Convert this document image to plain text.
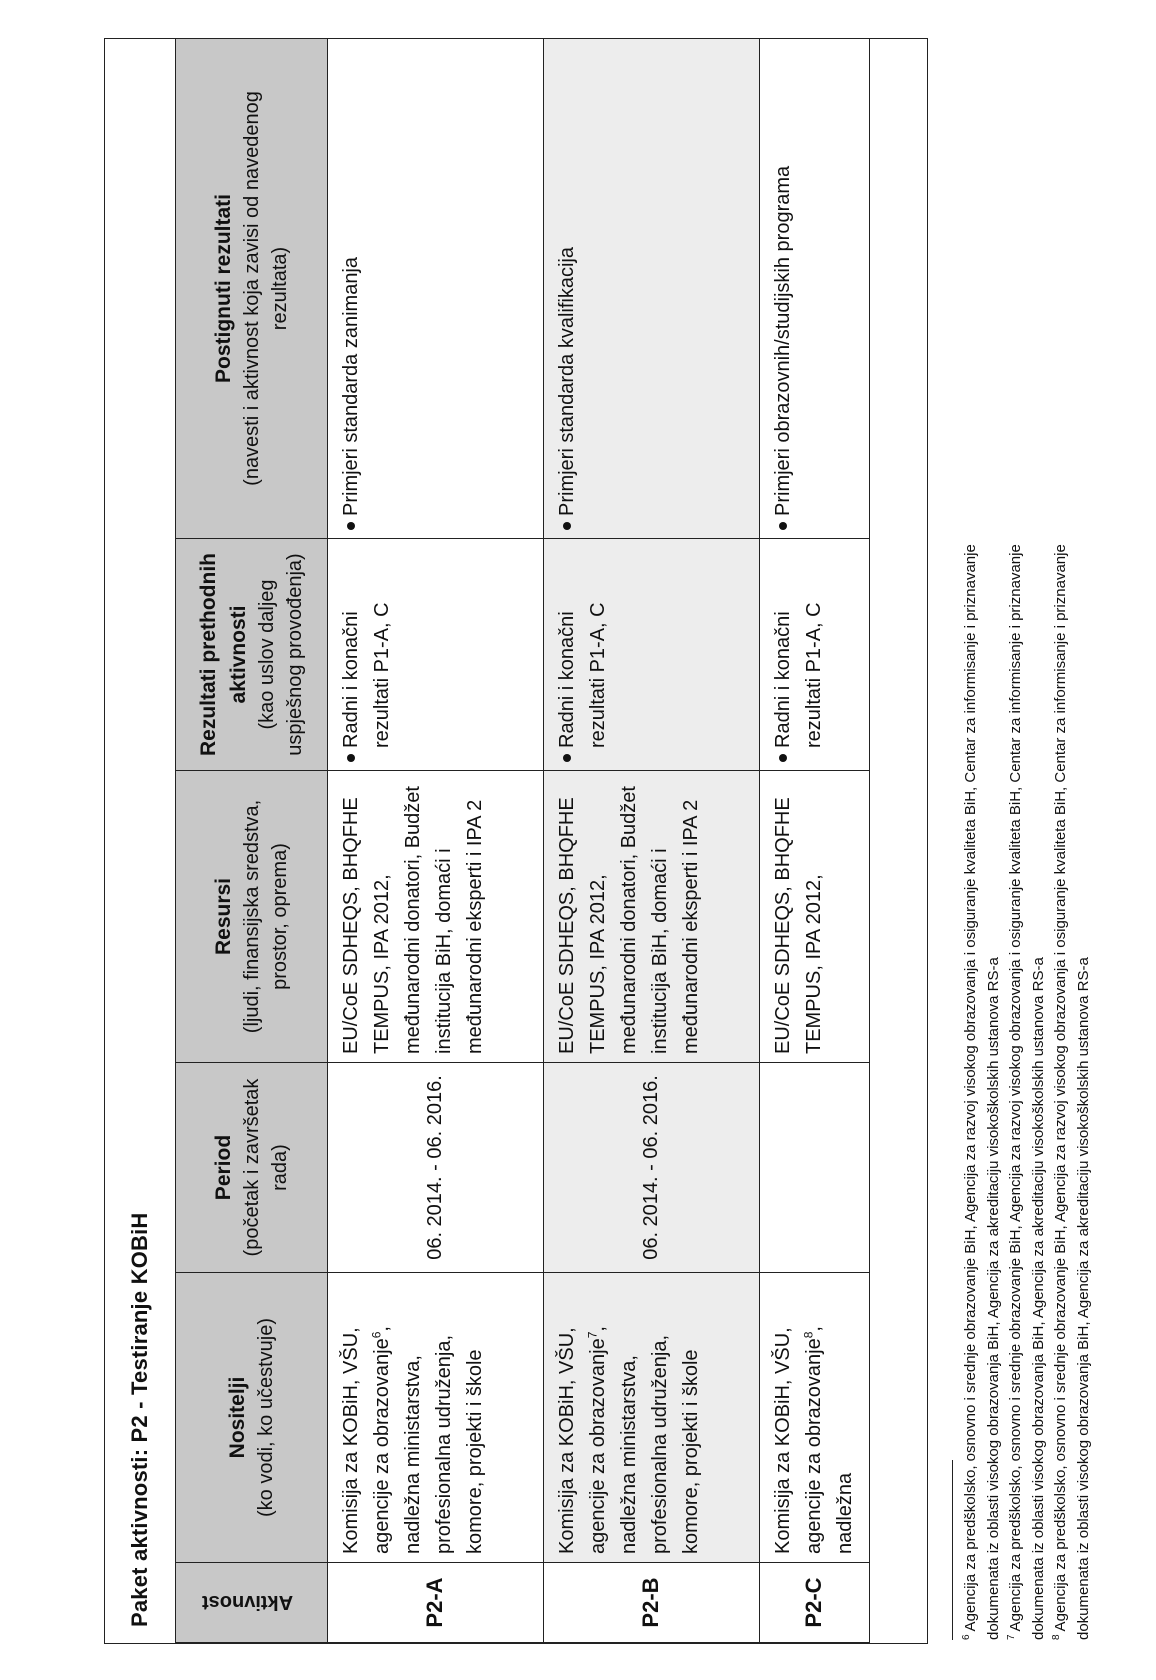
Paket aktivnosti: P2 - Testiranje KOBiH Aktivnost	Nositelji (ko vodi, ko učestvuje)	Period (početak i završetak rada)	Resursi (ljudi, finansijska sredstva, prostor, oprema)	Rezultati prethodnih aktivnosti (kao uslov daljeg uspješnog provođenja)	Postignuti rezultati (navesti i aktivnost koja zavisi od navedenog rezultata)

P2-A	Komisija za KOBiH, VŠU, agencije za obrazovanje$^6$, nadležna ministarstva, profesionalna udruženja, komore, projekti i škole	06. 2014. - 06. 2016.	EU/CoE SDHEQS, BHQFHE TEMPUS, IPA 2012, međunarodni donatori, Budžet institucija BiH, domaći i međunarodni eksperti i IPA 2	Radni i konačni rezultati P1-A, C	Primjeri standarda zanimanja

P2-B	Komisija za KOBiH, VŠU, agencije za obrazovanje$^7$, nadležna ministarstva, profesionalna udruženja, komore, projekti i škole	06. 2014. - 06. 2016.	EU/CoE SDHEQS, BHQFHE TEMPUS, IPA 2012, međunarodni donatori, Budžet institucija BiH, domaći i međunarodni eksperti i IPA 2	Radni i konačni rezultati P1-A, C	Primjeri standarda kvalifikacija

P2-C	Komisija za KOBiH, VŠU, agencije za obrazovanje$^8$, nadležna		EU/CoE SDHEQS, BHQFHE TEMPUS, IPA 2012,	Radni i konačni rezultati P1-A, C	Primjeri obrazovnih/studijskih programa
$^6$Agencija za predškolsko, osnovno i srednje obrazovanje BiH, Agencija za razvoj visokog obrazovanja i osiguranje kvaliteta BiH, Centar za informisanje i priznavanje dokumenata iz oblasti visokog obrazovanja BiH, Agencija za akreditaciju visokoškolskih ustanova RS-a $^7$Agencija za predškolsko, osnovno i srednje obrazovanje BiH, Agencija za razvoj visokog obrazovanja i osiguranje kvaliteta BiH, Centar za informisanje i priznavanje dokumenata iz oblasti visokog obrazovanja BiH, Agencija za akreditaciju visokoškolskih ustanova RS-a $^8$Agencija za predškolsko, osnovno i srednje obrazovanje BiH, Agencija za razvoj visokog obrazovanja i osiguranje kvaliteta BiH, Centar za informisanje i priznavanje dokumenata iz oblasti visokog obrazovanja BiH, Agencija za akreditaciju visokoškolskih ustanova RS-a
